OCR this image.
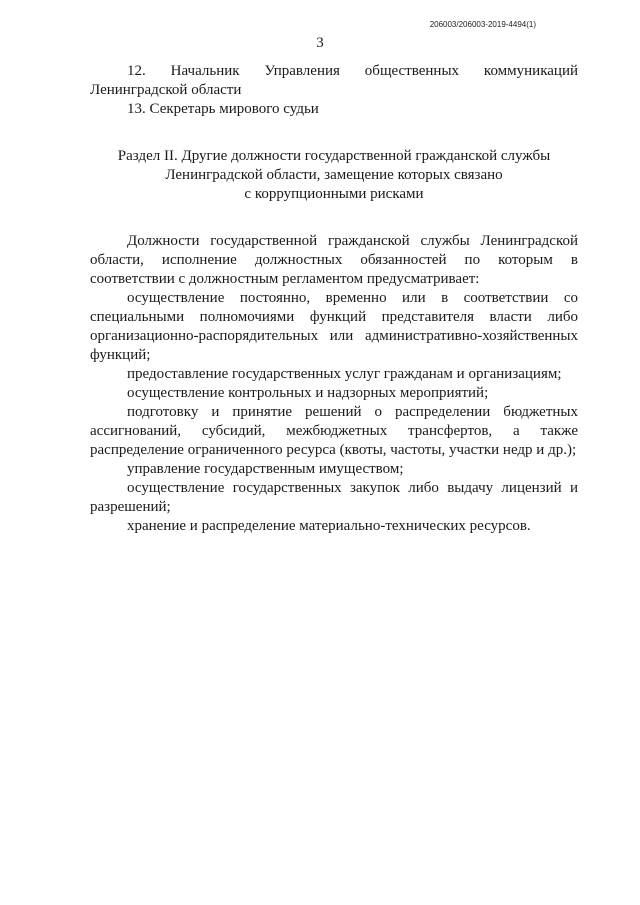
206003/206003-2019-4494(1)
3

12. Начальник Управления общественных коммуникаций Ленинградской области

13. Секретарь мирового судьи

Раздел II. Другие должности государственной гражданской службы
Ленинградской области, замещение которых связано
с коррупционными рисками

Должности государственной гражданской службы Ленинградской области, исполнение должностных обязанностей по которым в соответствии с должностным регламентом предусматривает:

осуществление постоянно, временно или в соответствии со специальными полномочиями функций представителя власти либо организационно-распорядительных или административно-хозяйственных функций;

предоставление государственных услуг гражданам и организациям;

осуществление контрольных и надзорных мероприятий;

подготовку и принятие решений о распределении бюджетных ассигнований, субсидий, межбюджетных трансфертов, а также распределение ограниченного ресурса (квоты, частоты, участки недр и др.);

управление государственным имуществом;

осуществление государственных закупок либо выдачу лицензий и разрешений;

хранение и распределение материально-технических ресурсов.
